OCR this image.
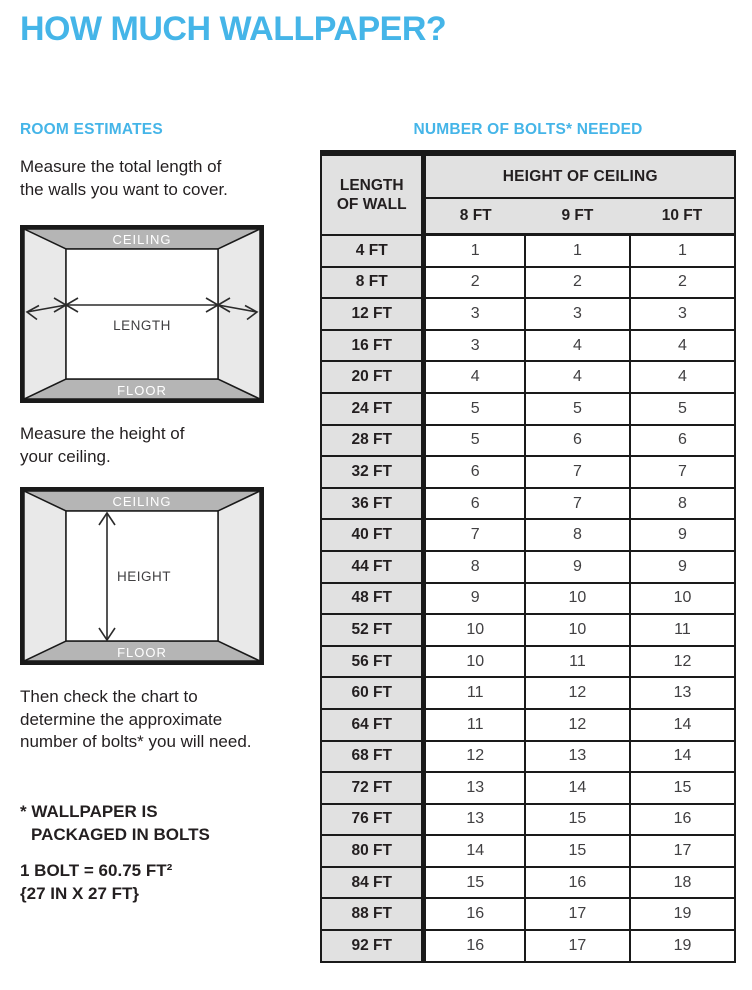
HOW MUCH WALLPAPER?
ROOM ESTIMATES	NUMBER OF BOLTS* NEEDED
Measure the total length of
the walls you want to cover.
CEILING
FLOOR
LENGTH
Measure the height of
your ceiling.
CEILING
FLOOR
HEIGHT
Then check the chart to
determine the approximate
number of bolts* you will need.
* WALLPAPER IS
PACKAGED IN BOLTS
1 BOLT = 60.75 FT²
{27 IN X 27 FT}
LENGTH
OF WALL	HEIGHT OF CEILING		
	8 FT	9 FT	10 FT
4 FT	1	1	1
8 FT	2	2	2
12 FT	3	3	3
16 FT	3	4	4
20 FT	4	4	4
24 FT	5	5	5
28 FT	5	6	6
32 FT	6	7	7
36 FT	6	7	8
40 FT	7	8	9
44 FT	8	9	9
48 FT	9	10	10
52 FT	10	10	11
56 FT	10	11	12
60 FT	11	12	13
64 FT	11	12	14
68 FT	12	13	14
72 FT	13	14	15
76 FT	13	15	16
80 FT	14	15	17
84 FT	15	16	18
88 FT	16	17	19
92 FT	16	17	19
